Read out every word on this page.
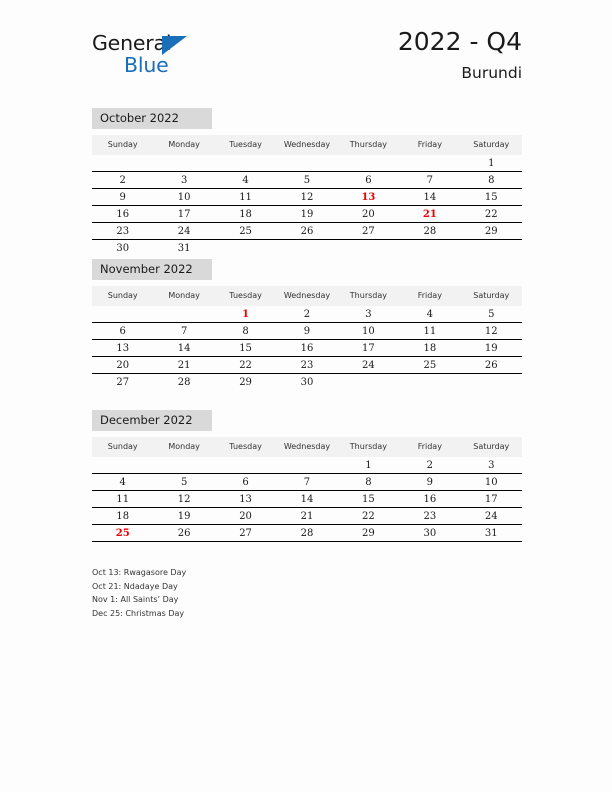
General
Blue
2022 - Q4
Burundi
October 2022
Sunday	Monday	Tuesday	Wednesday	Thursday	Friday	Saturday
						1
2	3	4	5	6	7	8
9	10	11	12	13	14	15
16	17	18	19	20	21	22
23	24	25	26	27	28	29
30	31					
November 2022
Sunday	Monday	Tuesday	Wednesday	Thursday	Friday	Saturday
		1	2	3	4	5
6	7	8	9	10	11	12
13	14	15	16	17	18	19
20	21	22	23	24	25	26
27	28	29	30			
December 2022
Sunday	Monday	Tuesday	Wednesday	Thursday	Friday	Saturday
				1	2	3
4	5	6	7	8	9	10
11	12	13	14	15	16	17
18	19	20	21	22	23	24
25	26	27	28	29	30	31
Oct 13: Rwagasore Day
Oct 21: Ndadaye Day
Nov 1: All Saints’ Day
Dec 25: Christmas Day
